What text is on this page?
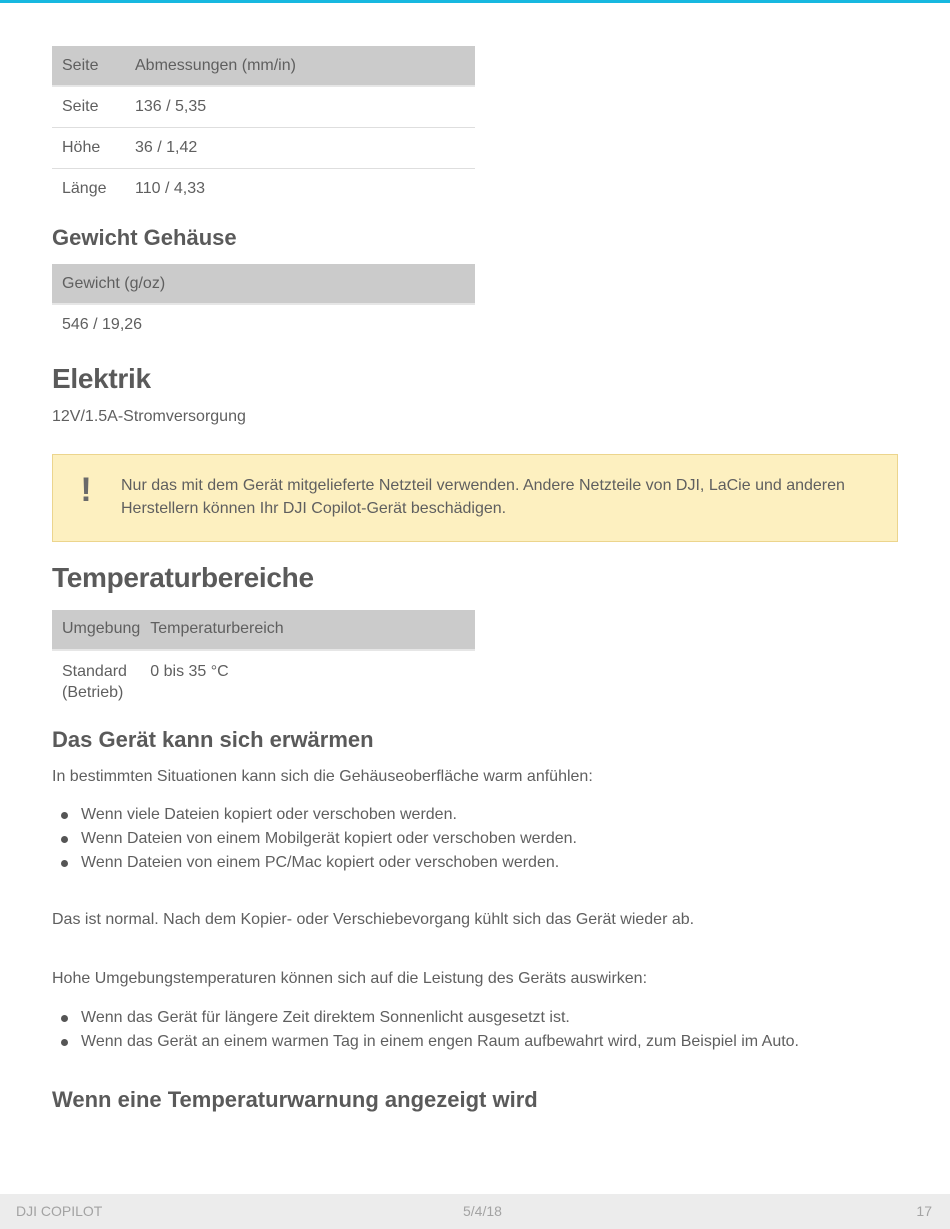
Seite	Abmessungen (mm/in)
Seite	136 / 5,35
Höhe	36 / 1,42
Länge	110 / 4,33
Gewicht Gehäuse
Gewicht (g/oz)
546 / 19,26
Elektrik

12V/1.5A-Stromversorgung

! Nur das mit dem Gerät mitgelieferte Netzteil verwenden. Andere Netzteile von DJI, LaCie und anderen Herstellern können Ihr DJI Copilot-Gerät beschädigen.
Temperaturbereiche
Umgebung	Temperaturbereich
Standard (Betrieb)	0 bis 35 °C
Das Gerät kann sich erwärmen

In bestimmten Situationen kann sich die Gehäuseoberfläche warm anfühlen:

Wenn viele Dateien kopiert oder verschoben werden.
Wenn Dateien von einem Mobilgerät kopiert oder verschoben werden.
Wenn Dateien von einem PC/Mac kopiert oder verschoben werden.

Das ist normal. Nach dem Kopier- oder Verschiebevorgang kühlt sich das Gerät wieder ab.

Hohe Umgebungstemperaturen können sich auf die Leistung des Geräts auswirken:

Wenn das Gerät für längere Zeit direktem Sonnenlicht ausgesetzt ist.
Wenn das Gerät an einem warmen Tag in einem engen Raum aufbewahrt wird, zum Beispiel im Auto.
Wenn eine Temperaturwarnung angezeigt wird
DJI COPILOT	5/4/18	17
